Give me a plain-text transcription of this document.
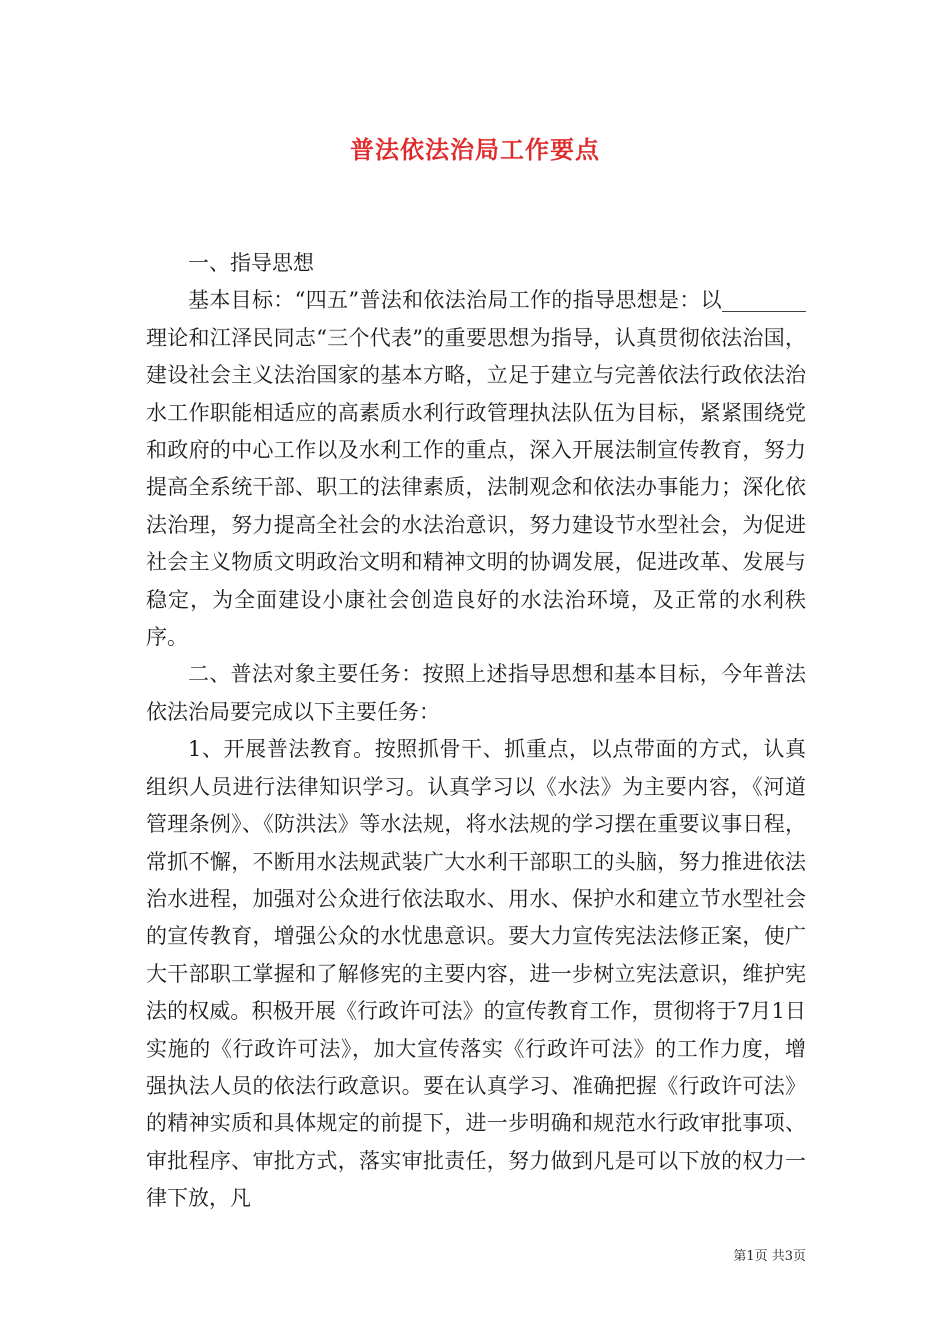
普法依法治局工作要点

一、指导思想

基本目标：“四五”普法和依法治局工作的指导思想是：以________理论和江泽民同志“三个代表”的重要思想为指导，认真贯彻依法治国，建设社会主义法治国家的基本方略，立足于建立与完善依法行政依法治水工作职能相适应的高素质水利行政管理执法队伍为目标，紧紧围绕党和政府的中心工作以及水利工作的重点，深入开展法制宣传教育，努力提高全系统干部、职工的法律素质，法制观念和依法办事能力；深化依法治理，努力提高全社会的水法治意识，努力建设节水型社会，为促进社会主义物质文明政治文明和精神文明的协调发展，促进改革、发展与稳定，为全面建设小康社会创造良好的水法治环境，及正常的水利秩序。

二、普法对象主要任务：按照上述指导思想和基本目标，今年普法依法治局要完成以下主要任务：

1、开展普法教育。按照抓骨干、抓重点，以点带面的方式，认真组织人员进行法律知识学习。认真学习以《水法》为主要内容，《河道管理条例》、《防洪法》等水法规，将水法规的学习摆在重要议事日程，常抓不懈，不断用水法规武装广大水利干部职工的头脑，努力推进依法治水进程，加强对公众进行依法取水、用水、保护水和建立节水型社会的宣传教育，增强公众的水忧患意识。要大力宣传宪法法修正案，使广大干部职工掌握和了解修宪的主要内容，进一步树立宪法意识，维护宪法的权威。积极开展《行政许可法》的宣传教育工作，贯彻将于7月1日实施的《行政许可法》，加大宣传落实《行政许可法》的工作力度，增强执法人员的依法行政意识。要在认真学习、准确把握《行政许可法》的精神实质和具体规定的前提下，进一步明确和规范水行政审批事项、审批程序、审批方式，落实审批责任，努力做到凡是可以下放的权力一律下放，凡

第1页 共3页
